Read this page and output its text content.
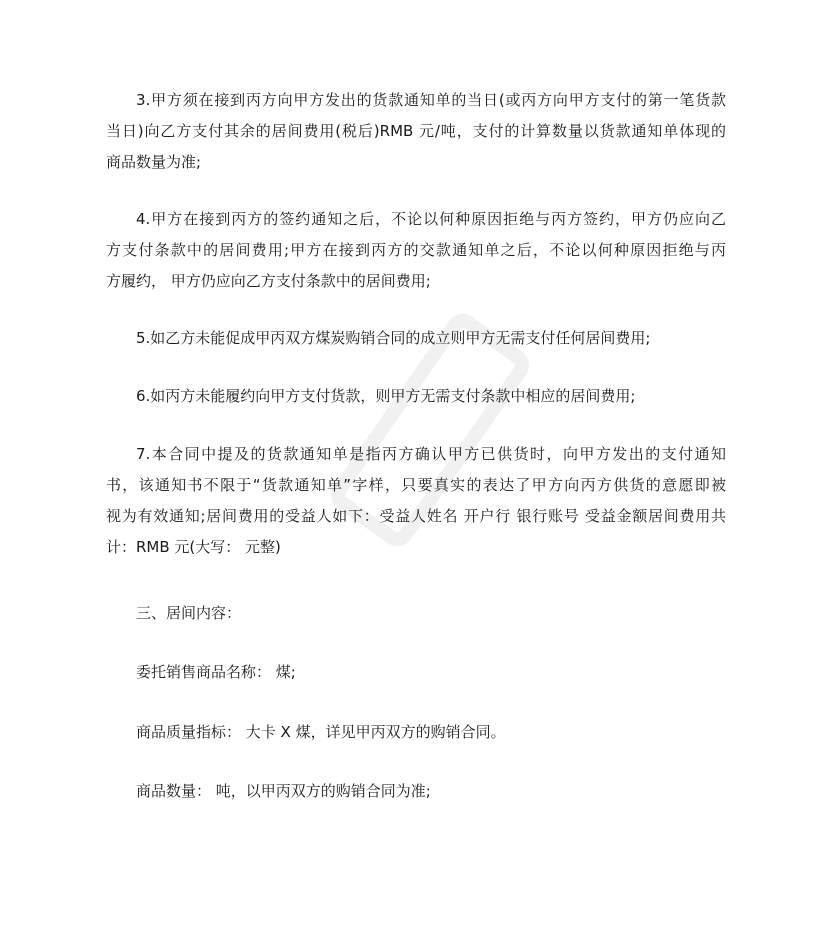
3.甲方须在接到丙方向甲方发出的货款通知单的当日(或丙方向甲方支付的第一笔货款
当日)向乙方支付其余的居间费用(税后)RMB 元/吨，支付的计算数量以货款通知单体现的
商品数量为准;
4.甲方在接到丙方的签约通知之后，不论以何种原因拒绝与丙方签约，甲方仍应向乙
方支付条款中的居间费用;甲方在接到丙方的交款通知单之后，不论以何种原因拒绝与丙
方履约， 甲方仍应向乙方支付条款中的居间费用;
5.如乙方未能促成甲丙双方煤炭购销合同的成立则甲方无需支付任何居间费用;
6.如丙方未能履约向甲方支付货款，则甲方无需支付条款中相应的居间费用;
7.本合同中提及的货款通知单是指丙方确认甲方已供货时，向甲方发出的支付通知
书，该通知书不限于“货款通知单”字样，只要真实的表达了甲方向丙方供货的意愿即被
视为有效通知;居间费用的受益人如下：受益人姓名 开户行 银行账号 受益金额居间费用共
计：RMB 元(大写： 元整)
三、居间内容：
委托销售商品名称： 煤;
商品质量指标： 大卡 X 煤，详见甲丙双方的购销合同。
商品数量： 吨，以甲丙双方的购销合同为准;
